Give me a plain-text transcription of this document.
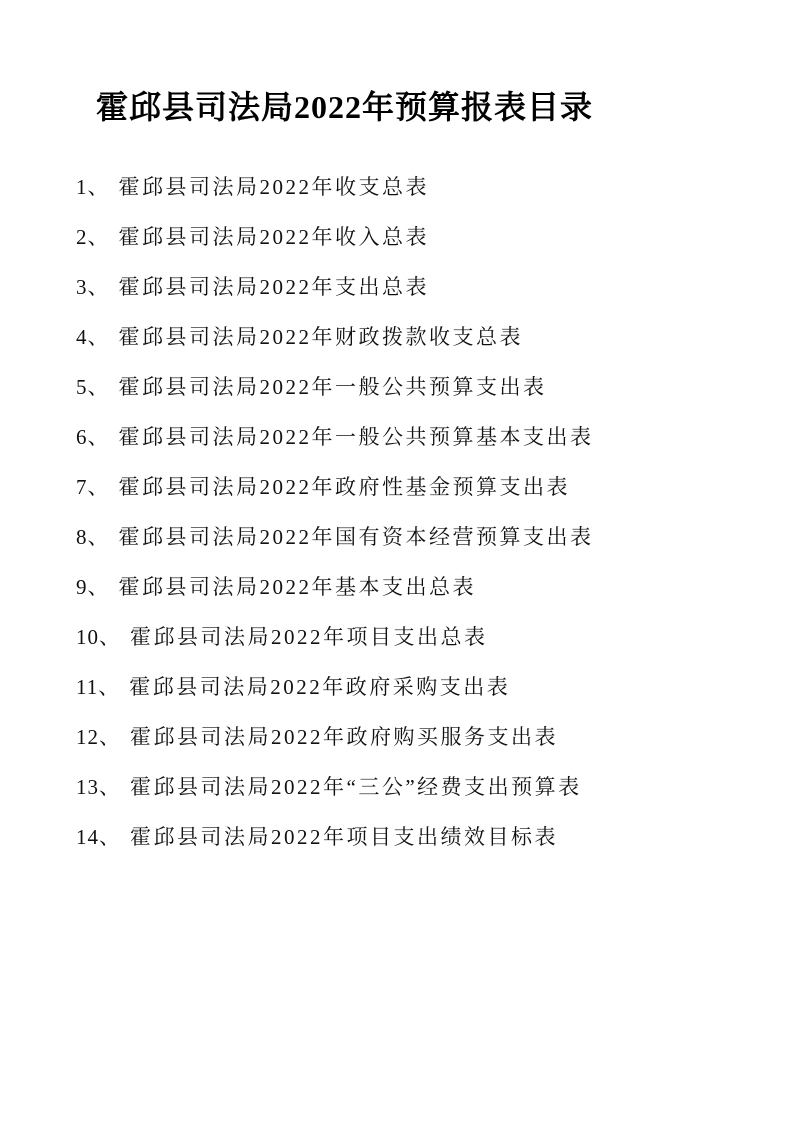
霍邱县司法局2022年预算报表目录
1、 霍邱县司法局2022年收支总表
2、 霍邱县司法局2022年收入总表
3、 霍邱县司法局2022年支出总表
4、 霍邱县司法局2022年财政拨款收支总表
5、 霍邱县司法局2022年一般公共预算支出表
6、 霍邱县司法局2022年一般公共预算基本支出表
7、 霍邱县司法局2022年政府性基金预算支出表
8、 霍邱县司法局2022年国有资本经营预算支出表
9、 霍邱县司法局2022年基本支出总表
10、 霍邱县司法局2022年项目支出总表
11、 霍邱县司法局2022年政府采购支出表
12、 霍邱县司法局2022年政府购买服务支出表
13、 霍邱县司法局2022年“三公”经费支出预算表
14、 霍邱县司法局2022年项目支出绩效目标表
